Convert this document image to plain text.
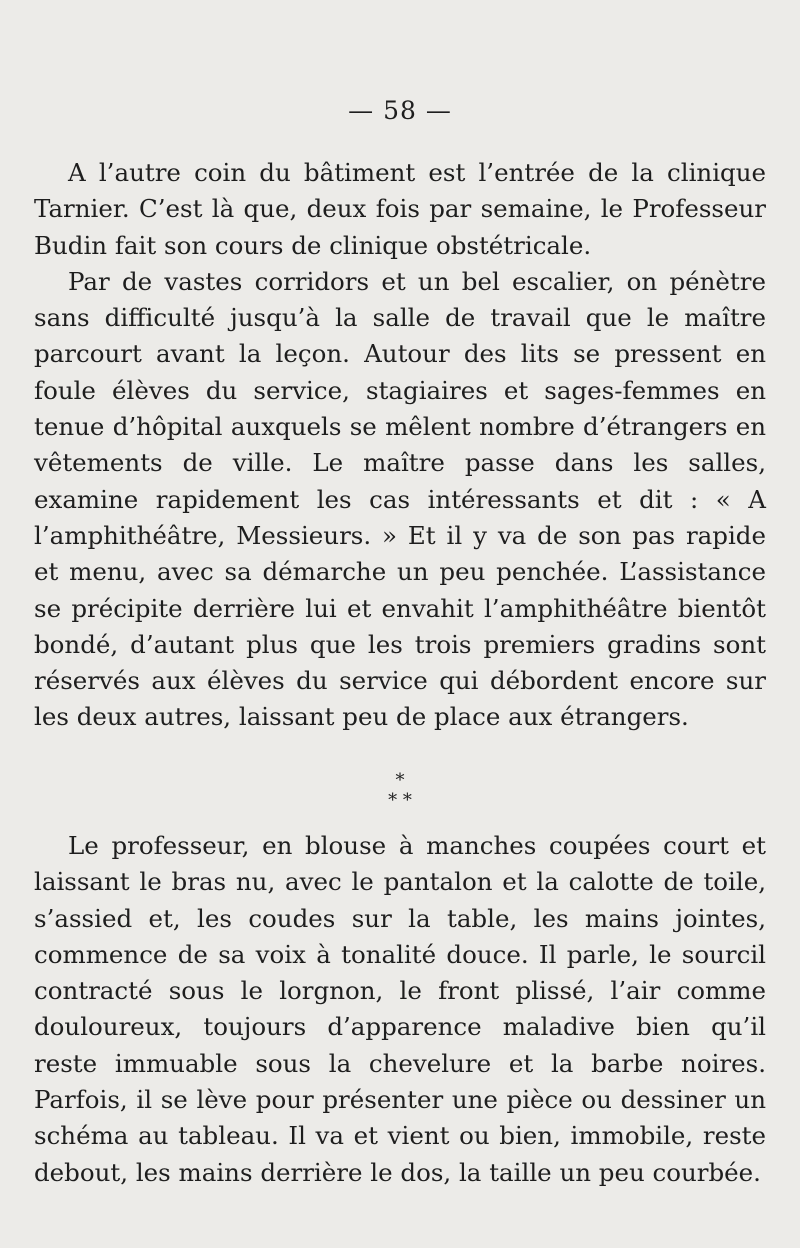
— 58 —

A l’autre coin du bâtiment est l’entrée de la clinique Tarnier. C’est là que, deux fois par semaine, le Professeur Budin fait son cours de clinique obstétricale.

Par de vastes corridors et un bel escalier, on pénètre sans difficulté jusqu’à la salle de travail que le maître parcourt avant la leçon. Autour des lits se pressent en foule élèves du service, stagiaires et sages-femmes en tenue d’hôpital auxquels se mêlent nombre d’étrangers en vêtements de ville. Le maître passe dans les salles, examine rapidement les cas intéressants et dit : « A l’amphithéâtre, Messieurs. » Et il y va de son pas rapide et menu, avec sa démarche un peu penchée. L’assistance se précipite derrière lui et envahit l’amphithéâtre bientôt bondé, d’autant plus que les trois premiers gradins sont réservés aux élèves du service qui débordent encore sur les deux autres, laissant peu de place aux étrangers.

*
* *

Le professeur, en blouse à manches coupées court et laissant le bras nu, avec le pantalon et la calotte de toile, s’assied et, les coudes sur la table, les mains jointes, commence de sa voix à tonalité douce. Il parle, le sourcil contracté sous le lorgnon, le front plissé, l’air comme douloureux, toujours d’apparence maladive bien qu’il reste immuable sous la chevelure et la barbe noires. Parfois, il se lève pour présenter une pièce ou dessiner un schéma au tableau. Il va et vient ou bien, immobile, reste debout, les mains derrière le dos, la taille un peu courbée.
